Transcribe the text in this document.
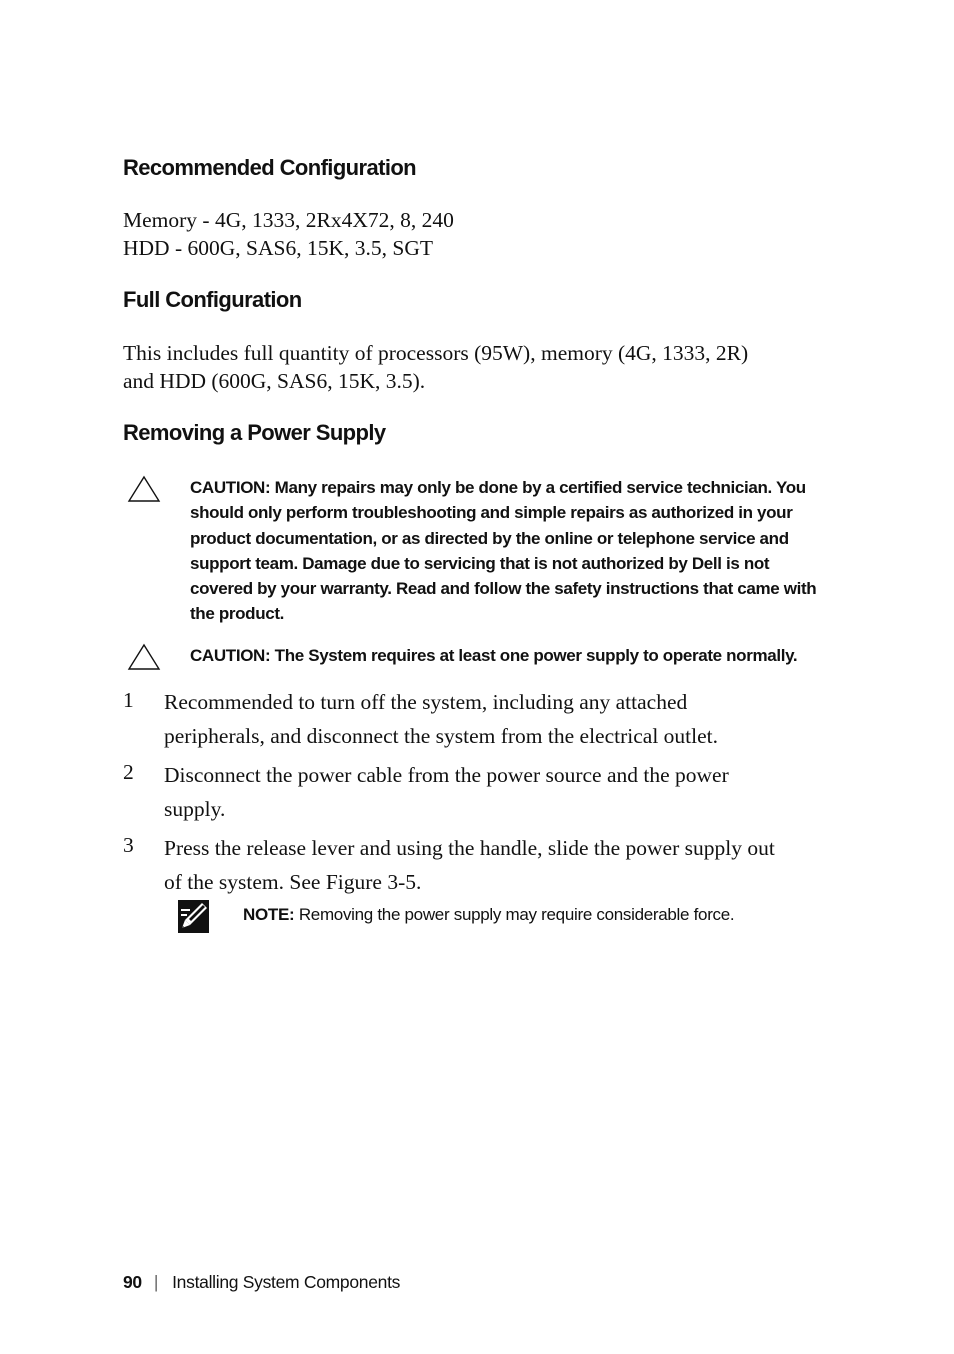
Recommended Configuration

Memory - 4G, 1333, 2Rx4X72, 8, 240
HDD - 600G, SAS6, 15K, 3.5, SGT

Full Configuration

This includes full quantity of processors (95W), memory (4G, 1333, 2R)
and HDD (600G, SAS6, 15K, 3.5).

Removing a Power Supply
CAUTION: Many repairs may only be done by a certified service technician. You
should only perform troubleshooting and simple repairs as authorized in your
product documentation, or as directed by the online or telephone service and
support team. Damage due to servicing that is not authorized by Dell is not
covered by your warranty. Read and follow the safety instructions that came with
the product.
CAUTION: The System requires at least one power supply to operate normally.
1	Recommended to turn off the system, including any attached
peripherals, and disconnect the system from the electrical outlet.
2	Disconnect the power cable from the power source and the power
supply.
3	Press the release lever and using the handle, slide the power supply out
of the system. See Figure 3-5.
NOTE: Removing the power supply may require considerable force.
90 | Installing System Components
